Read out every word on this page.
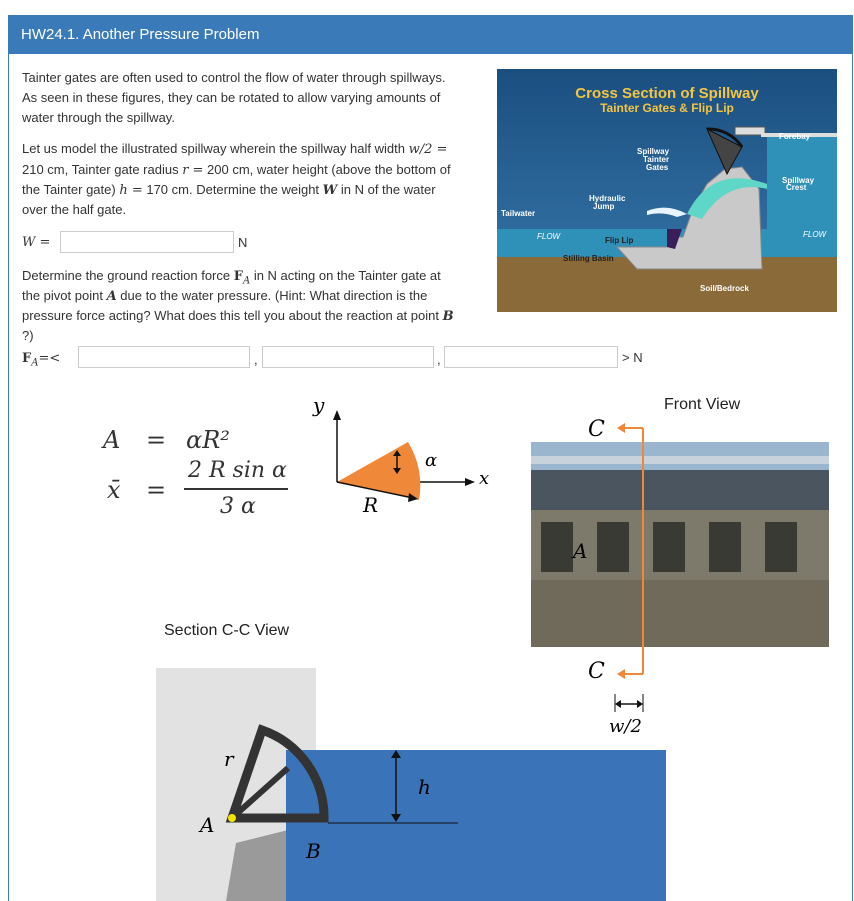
HW24.1. Another Pressure Problem
Tainter gates are often used to control the flow of water through spillways.
As seen in these figures, they can be rotated to allow varying amounts of
water through the spillway.
Let us model the illustrated spillway wherein the spillway half width w/2 =
210 cm, Tainter gate radius r = 200 cm, water height (above the bottom of
the Tainter gate) h = 170 cm. Determine the weight W in N of the water
over the half gate.
W =	N
Determine the ground reaction force $F_A$ in N acting on the Tainter gate at
the pivot point A due to the water pressure. (Hint: What direction is the
pressure force acting? What does this tell you about the reaction at point B
?)
$F_A=<$	,	,	> N
Cross Section of Spillway
Tainter Gates & Flip Lip
Forebay
Spillway
Tainter
Gates
Spillway
Crest
Hydraulic
Jump
Tailwater
FLOW	FLOW
Flip Lip
Stilling Basin
Soil/Bedrock
A = αR²
x̄ =
2 R sin α
3 α
y
x
α
R
Front View
C
C
A
w/2
Section C-C View
r
A
B
h
